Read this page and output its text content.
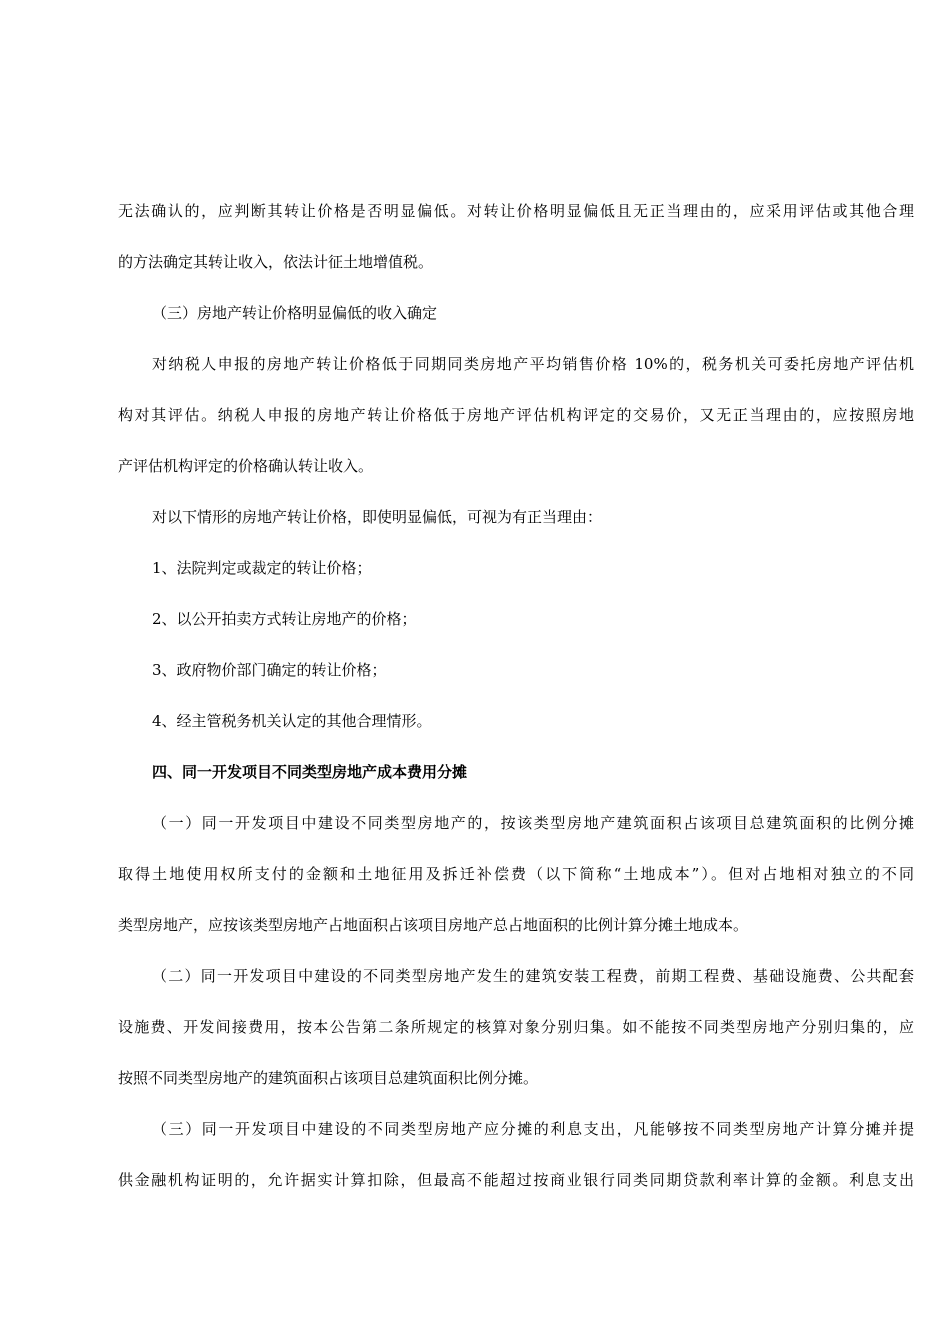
无法确认的，应判断其转让价格是否明显偏低。对转让价格明显偏低且无正当理由的，应采用评估或其他合理
的方法确定其转让收入，依法计征土地增值税。
（三）房地产转让价格明显偏低的收入确定
对纳税人申报的房地产转让价格低于同期同类房地产平均销售价格 10%的，税务机关可委托房地产评估机
构对其评估。纳税人申报的房地产转让价格低于房地产评估机构评定的交易价，又无正当理由的，应按照房地
产评估机构评定的价格确认转让收入。
对以下情形的房地产转让价格，即使明显偏低，可视为有正当理由：
1、法院判定或裁定的转让价格；
2、以公开拍卖方式转让房地产的价格；
3、政府物价部门确定的转让价格；
4、经主管税务机关认定的其他合理情形。
四、同一开发项目不同类型房地产成本费用分摊
（一）同一开发项目中建设不同类型房地产的，按该类型房地产建筑面积占该项目总建筑面积的比例分摊
取得土地使用权所支付的金额和土地征用及拆迁补偿费（以下简称“土地成本”）。但对占地相对独立的不同
类型房地产，应按该类型房地产占地面积占该项目房地产总占地面积的比例计算分摊土地成本。
（二）同一开发项目中建设的不同类型房地产发生的建筑安装工程费，前期工程费、基础设施费、公共配套
设施费、开发间接费用，按本公告第二条所规定的核算对象分别归集。如不能按不同类型房地产分别归集的，应
按照不同类型房地产的建筑面积占该项目总建筑面积比例分摊。
（三）同一开发项目中建设的不同类型房地产应分摊的利息支出，凡能够按不同类型房地产计算分摊并提
供金融机构证明的，允许据实计算扣除，但最高不能超过按商业银行同类同期贷款利率计算的金额。利息支出
